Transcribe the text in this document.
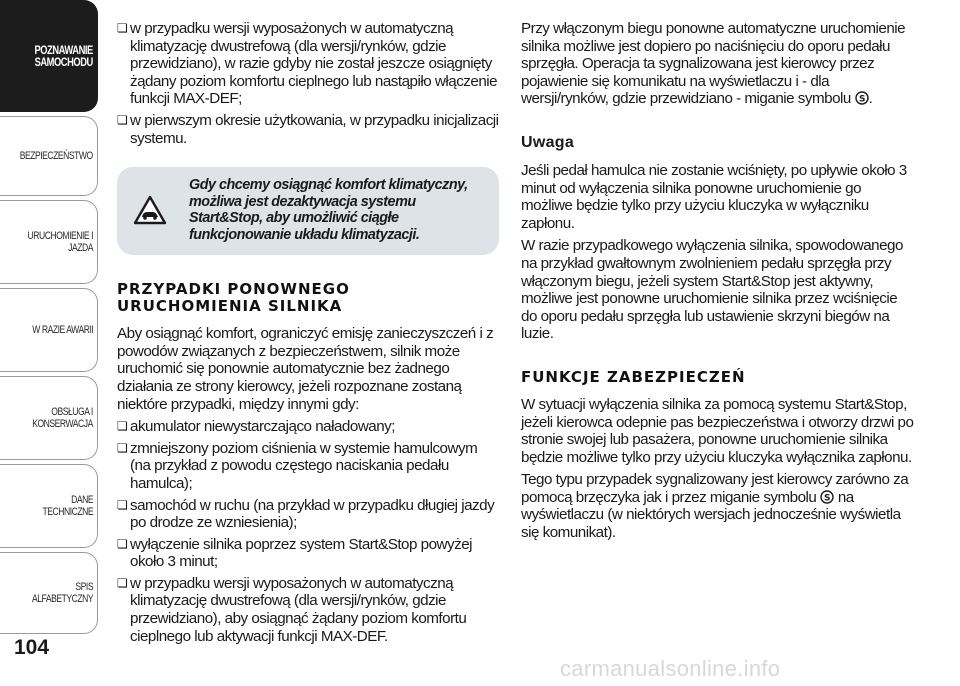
POZNAWANIE
SAMOCHODU
BEZPIECZEŃSTWO
URUCHOMIENIE I
JAZDA
W RAZIE AWARII
OBSŁUGA I
KONSERWACJA
DANE TECHNICZNE
SPIS ALFABETYCZNY
104
carmanualsonline.info
❏ w przypadku wersji wyposażonych w automatyczną klimatyzację dwustrefową (dla wersji/rynków, gdzie przewidziano), w razie gdyby nie został jeszcze osiągnięty żądany poziom komfortu cieplnego lub nastąpiło włączenie funkcji MAX-DEF;
❏ w pierwszym okresie użytkowania, w przypadku inicjalizacji systemu.
Gdy chcemy osiągnąć komfort klimatyczny, możliwa jest dezaktywacja systemu Start&Stop, aby umożliwić ciągłe funkcjonowanie układu klimatyzacji.
PRZYPADKI PONOWNEGO URUCHOMIENIA SILNIKA

Aby osiągnąć komfort, ograniczyć emisję zanieczyszczeń i z powodów związanych z bezpieczeństwem, silnik może uruchomić się ponownie automatycznie bez żadnego działania ze strony kierowcy, jeżeli rozpoznane zostaną niektóre przypadki, między innymi gdy:

❏ akumulator niewystarczająco naładowany;
❏ zmniejszony poziom ciśnienia w systemie hamulcowym (na przykład z powodu częstego naciskania pedału hamulca);
❏ samochód w ruchu (na przykład w przypadku długiej jazdy po drodze ze wzniesienia);
❏ wyłączenie silnika poprzez system Start&Stop powyżej około 3 minut;
❏ w przypadku wersji wyposażonych w automatyczną klimatyzację dwustrefową (dla wersji/rynków, gdzie przewidziano), aby osiągnąć żądany poziom komfortu cieplnego lub aktywacji funkcji MAX-DEF.

Przy włączonym biegu ponowne automatyczne uruchomienie silnika możliwe jest dopiero po naciśnięciu do oporu pedału sprzęgła. Operacja ta sygnalizowana jest kierowcy przez pojawienie się komunikatu na wyświetlaczu i - dla wersji/rynków, gdzie przewidziano - miganie symbolu S .

Uwaga

Jeśli pedał hamulca nie zostanie wciśnięty, po upływie około 3 minut od wyłączenia silnika ponowne uruchomienie go możliwe będzie tylko przy użyciu kluczyka w wyłączniku zapłonu.

W razie przypadkowego wyłączenia silnika, spowodowanego na przykład gwałtownym zwolnieniem pedału sprzęgła przy włączonym biegu, jeżeli system Start&Stop jest aktywny, możliwe jest ponowne uruchomienie silnika przez wciśnięcie do oporu pedału sprzęgła lub ustawienie skrzyni biegów na luzie.

FUNKCJE ZABEZPIECZEŃ

W sytuacji wyłączenia silnika za pomocą systemu Start&Stop, jeżeli kierowca odepnie pas bezpieczeństwa i otworzy drzwi po stronie swojej lub pasażera, ponowne uruchomienie silnika będzie możliwe tylko przy użyciu kluczyka wyłącznika zapłonu.

Tego typu przypadek sygnalizowany jest kierowcy zarówno za pomocą brzęczyka jak i przez miganie symbolu S na wyświetlaczu (w niektórych wersjach jednocześnie wyświetla się komunikat).
